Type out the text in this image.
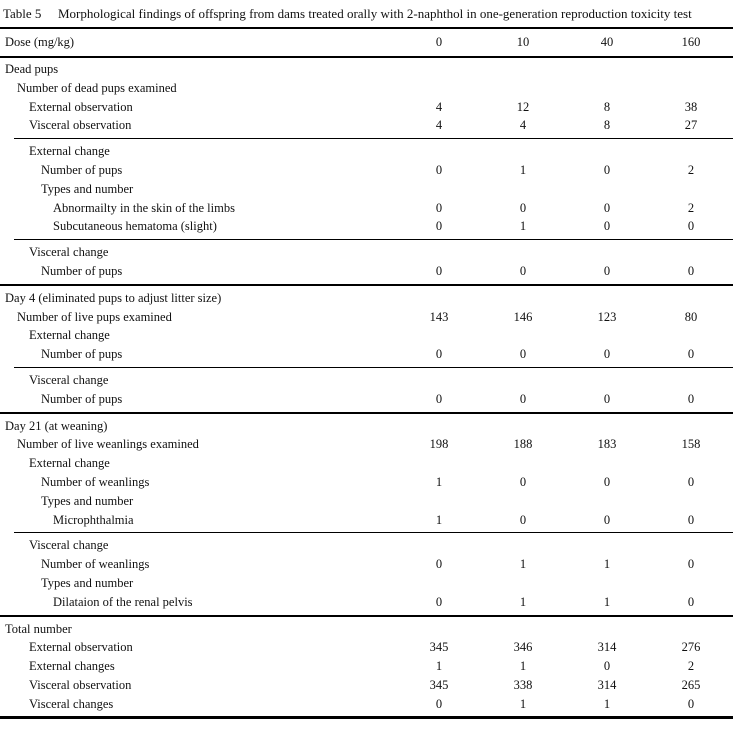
Table 5	Morphological findings of offspring from dams treated orally with 2-naphthol in one-generation reproduction toxicity test
Dose (mg/kg)	0	10	40	160
Dead pups
Number of dead pups examined
External observation	4	12	8	38
Visceral observation	4	4	8	27
External change
Number of pups	0	1	0	2
Types and number
Abnormailty in the skin of the limbs	0	0	0	2
Subcutaneous hematoma (slight)	0	1	0	0
Visceral change
Number of pups	0	0	0	0
Day 4 (eliminated pups to adjust litter size)
Number of live pups examined	143	146	123	80
External change
Number of pups	0	0	0	0
Visceral change
Number of pups	0	0	0	0
Day 21 (at weaning)
Number of live weanlings examined	198	188	183	158
External change
Number of weanlings	1	0	0	0
Types and number
Microphthalmia	1	0	0	0
Visceral change
Number of weanlings	0	1	1	0
Types and number
Dilataion of the renal pelvis	0	1	1	0
Total number
External observation	345	346	314	276
External changes	1	1	0	2
Visceral observation	345	338	314	265
Visceral changes	0	1	1	0
